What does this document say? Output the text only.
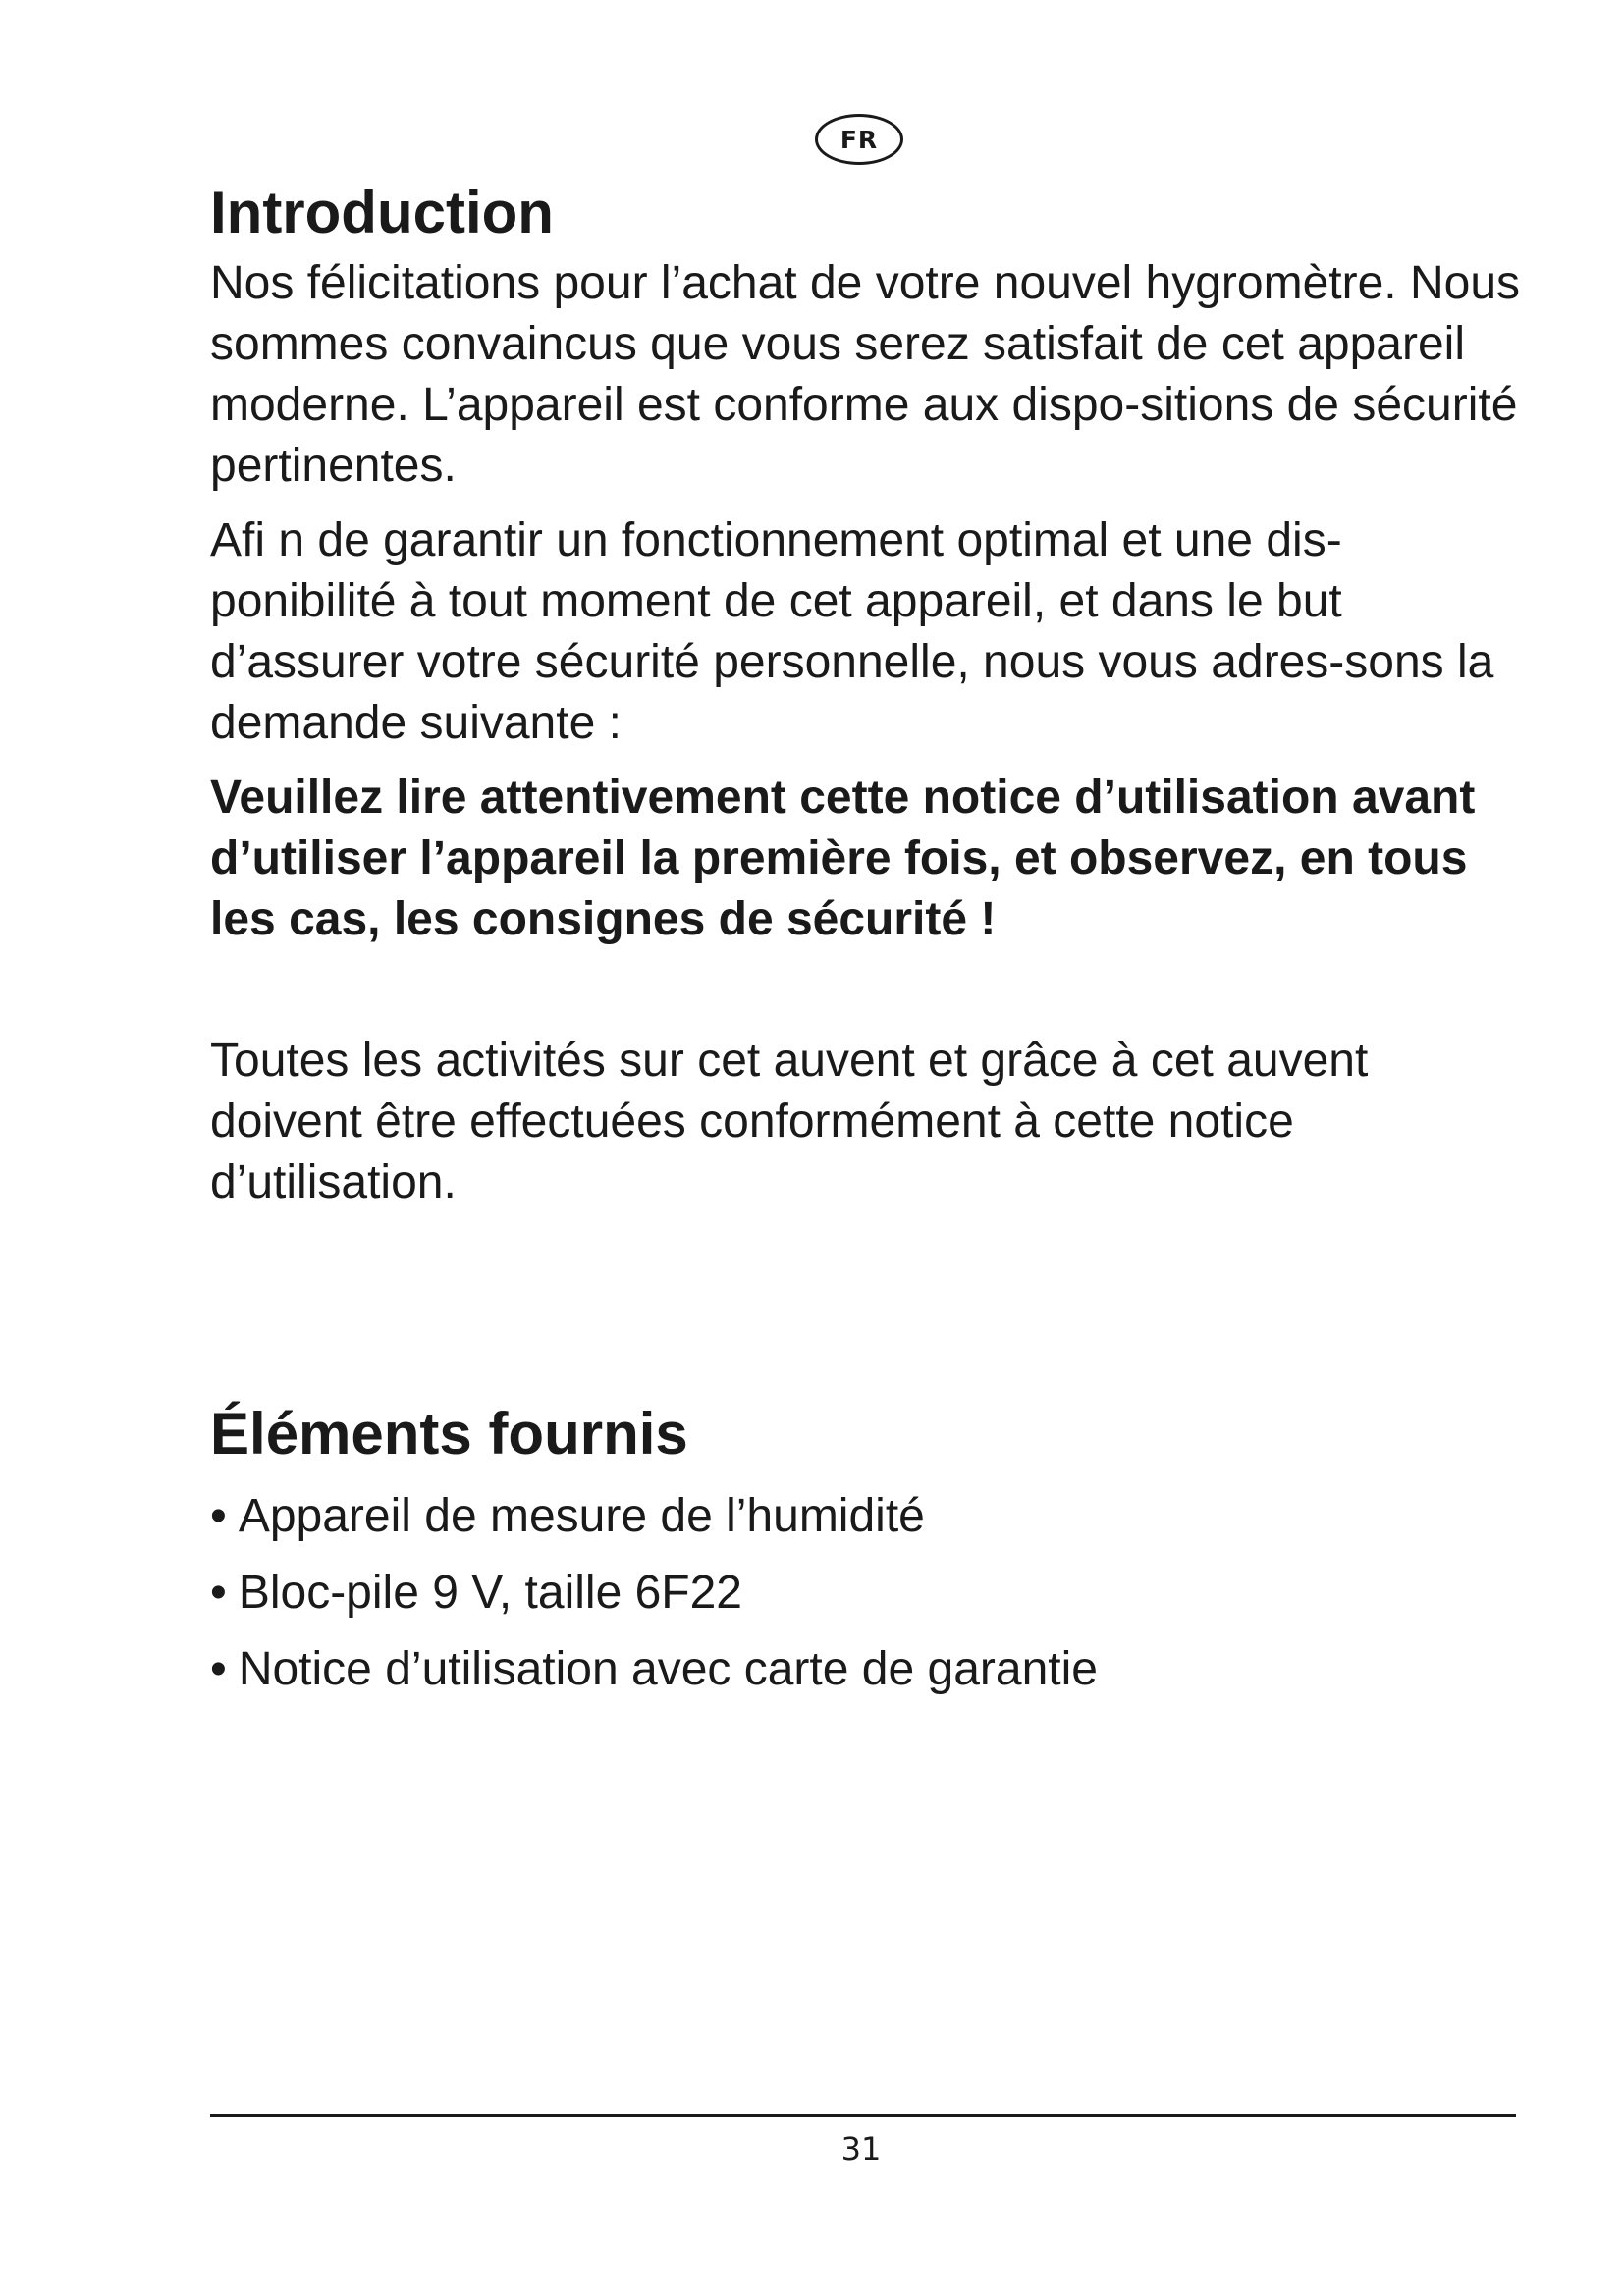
FR
Introduction

Nos félicitations pour l’achat de votre nouvel hygromètre. Nous sommes convaincus que vous serez satisfait de cet appareil moderne. L’appareil est conforme aux dispo-sitions de sécurité pertinentes.

Afi n de garantir un fonctionnement optimal et une dis-ponibilité à tout moment de cet appareil, et dans le but d’assurer votre sécurité personnelle, nous vous adres-sons la demande suivante :

Veuillez lire attentivement cette notice d’utilisation avant d’utiliser l’appareil la première fois, et observez, en tous les cas, les consignes de sécurité !

Toutes les activités sur cet auvent et grâce à cet auvent doivent être effectuées conformément à cette notice d’utilisation.

Éléments fournis
• Appareil de mesure de l’humidité
• Bloc-pile 9 V, taille 6F22
• Notice d’utilisation avec carte de garantie
31
